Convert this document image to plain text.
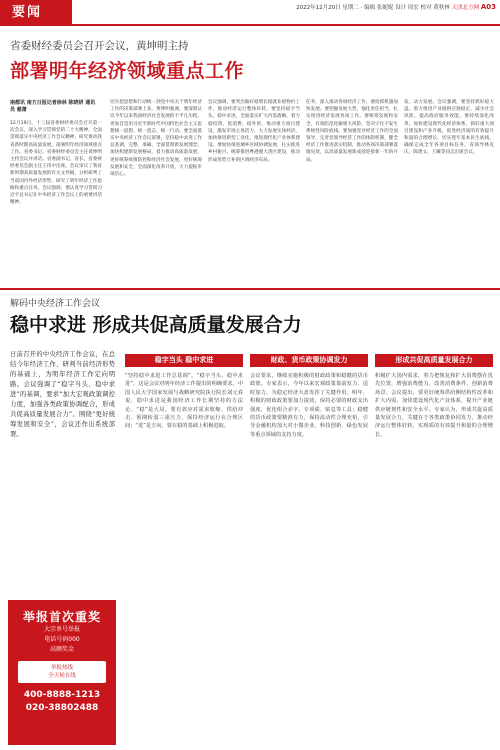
要闻	2022年12月20日 星期二 · 编辑 张妮妮 设计 周宏 校对 黄秋林 天津北方网 A03
省委财经委员会召开会议，黄坤明主持
部署明年经济领域重点工作
南都讯 南方日报记者徐林 陈晓妍 通讯员 慈萧
12月19日，十三届省委财经委员会召开第一次会议，深入学习贯彻党的二十大精神，全面贯彻落实中央经济工作会议精神，研究推动我省新时期高质量发展，部署明年经济领域重点工作。省委书记、省委财经委员会主任黄坤明主持会议并讲话。省委副书记、省长、省委财经委员会副主任王伟中出席。会议审议了我省新时期高质量发展的有关文件稿，分析研判了当前国内外经济形势，研究了明年经济工作思路和重点任务。会议强调，要认真学习贯彻习近平总书记在中央经济工作会议上的重要讲话精神。
切实把思想和行动统一到党中央关于明年经济工作的决策部署上来。黄坤明强调，要深刻认识今年以来我国经济社会发展的不平凡历程，更加自觉用习近平新时代中国特色社会主义思想统一思想、统一意志、统一行动。要全面落实中央经济工作会议部署，坚持稳中求进工作总基调，完整、准确、全面贯彻新发展理念，加快构建新发展格局，着力推动高质量发展，更好统筹疫情防控和经济社会发展，更好统筹发展和安全，全面深化改革开放，大力提振市场信心。
会议强调，要突出做好稳增长稳就业稳物价工作，推动经济运行整体好转。要坚持稳字当头、稳中求进，全面落实扩大内需战略，着力稳投资、促消费、稳外贸，推动重大项目建设，激发市场主体活力，大力发展实体经济，加快推进新型工业化，推进现代化产业体系建设。要加快推进城乡区域协调发展，扎实推进乡村振兴，统筹推进粤港澳大湾区建设，推动形成优势互补的区域经济布局。
任务，深入推动各项经济工作，要抢抓机遇加快发展。要把握发展大势，强化责任担当，扎实推进经济发展各项工作。要统筹发展和安全，有效防范化解重大风险，坚决守住不发生系统性风险底线。要加强党对经济工作的全面领导，完善党领导经济工作的体制机制，健全经济工作推进落实机制，推动各项决策部署落地见效，以高质量发展新成效迎接新一年的开局。
发、动力发展。会议强调，要坚持抓好稳大盘、着力推进产业链供应链稳定、减少社会风险、提高政府服务效能。要持续深化改革，加快建设现代化经济体系，抓好重大项目建设和产业升级，促进经济质的有效提升和量的合理增长，切实兜牢基本民生底线，确保完成全年各项目标任务。省领导林克庆、陈建文、王曦等同志出席会议。
解码中央经济工作会议
稳中求进 形成共促高质量发展合力
日前召开的中央经济工作会议，在总结今年经济工作、研判当前经济形势的基础上，为明年经济工作定向明路。会议强调了“稳字当头、稳中求进”的基调，要求“加大宏观政策调控力度，加强各类政策协调配合，形成共促高质量发展合力”。围绕“更好统筹发展和安全”，会议还作出系统部署。
稳字当头 稳中求进	财政、货币政策协调发力	形成共促高质量发展合力
“坚持稳中求进工作总基调”，“稳字当头、稳中求进”，这是会议对明年经济工作提出的明确要求。中国人民大学国家发展与战略研究院执行院长刘元春说，稳中求进是我国经济工作长期坚持的方法论。“稳”是大局，要有效应对需求收缩、供给冲击、预期转弱三重压力，保持经济运行在合理区间；“进”是方向，要在稳的基础上积极进取。
会议要求，继续实施积极的财政政策和稳健的货币政策。专家表示，今年以来宏观政策靠前发力、适时加力，为稳定经济大盘发挥了关键作用。明年，积极的财政政策要加力提效，保持必要的财政支出强度，优化组合赤字、专项债、贴息等工具；稳健的货币政策要精准有力，保持流动性合理充裕，引导金融机构加大对小微企业、科技创新、绿色发展等重点领域的支持力度。
积极扩大国内需求，着力把恢复和扩大消费摆在优先位置，增强消费能力，改善消费条件，创新消费场景。会议提出，要更好统筹供给侧结构性改革和扩大内需，加快建设现代化产业体系，提升产业链供应链韧性和安全水平。专家认为，形成共促高质量发展合力，关键在于各类政策协同发力，推动经济运行整体好转，实现质的有效提升和量的合理增长。
举报首次重奖
大宗单号举报
电话号码000
高额奖金
举报热线
全天候在线
400-8888-1213
020-38802488
